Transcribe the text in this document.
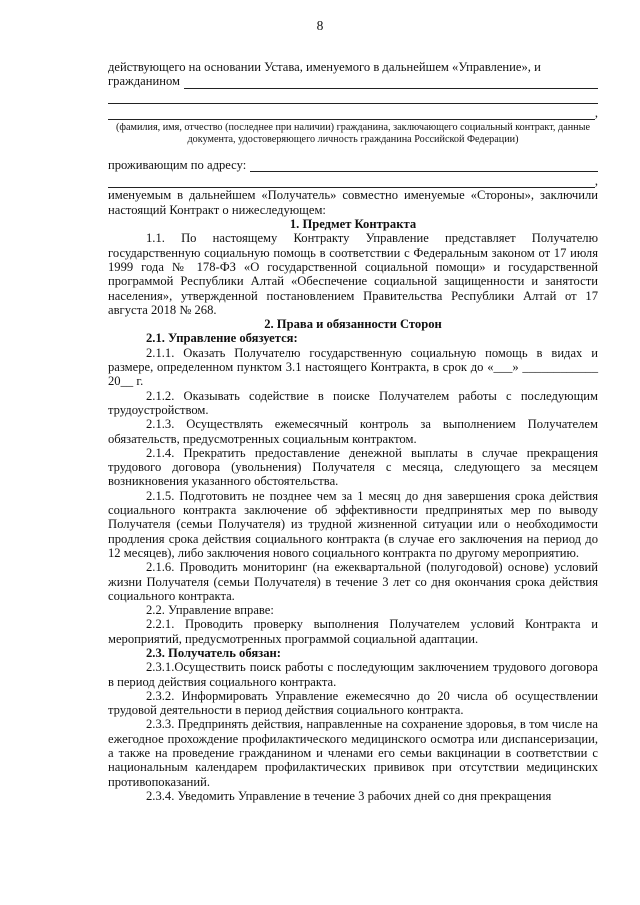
8

действующего на основании Устава, именуемого в дальнейшем «Управление», и

гражданином
,
(фамилия, имя, отчество (последнее при наличии) гражданина, заключающего социальный контракт, данные документа, удостоверяющего личность гражданина Российской Федерации)
проживающим по адресу:
,

именуемым в дальнейшем «Получатель» совместно именуемые «Стороны», заключили настоящий Контракт о нижеследующем:

1. Предмет Контракта

1.1. По настоящему Контракту Управление представляет Получателю государственную социальную помощь в соответствии с Федеральным законом от 17 июля 1999 года № 178-ФЗ «О государственной социальной помощи» и государственной программой Республики Алтай «Обеспечение социальной защищенности и занятости населения», утвержденной постановлением Правительства Республики Алтай от 17 августа 2018 № 268.

2. Права и обязанности Сторон

2.1. Управление обязуется:

2.1.1. Оказать Получателю государственную социальную помощь в видах и размере, определенном пунктом 3.1 настоящего Контракта, в срок до «___» ____________ 20__ г.

2.1.2. Оказывать содействие в поиске Получателем работы с последующим трудоустройством.

2.1.3. Осуществлять ежемесячный контроль за выполнением Получателем обязательств, предусмотренных социальным контрактом.

2.1.4. Прекратить предоставление денежной выплаты в случае прекращения трудового договора (увольнения) Получателя с месяца, следующего за месяцем возникновения указанного обстоятельства.

2.1.5. Подготовить не позднее чем за 1 месяц до дня завершения срока действия социального контракта заключение об эффективности предпринятых мер по выводу Получателя (семьи Получателя) из трудной жизненной ситуации или о необходимости продления срока действия социального контракта (в случае его заключения на период до 12 месяцев), либо заключения нового социального контракта по другому мероприятию.

2.1.6. Проводить мониторинг (на ежеквартальной (полугодовой) основе) условий жизни Получателя (семьи Получателя) в течение 3 лет со дня окончания срока действия социального контракта.

2.2. Управление вправе:

2.2.1. Проводить проверку выполнения Получателем условий Контракта и мероприятий, предусмотренных программой социальной адаптации.

2.3. Получатель обязан:

2.3.1.Осуществить поиск работы с последующим заключением трудового договора в период действия социального контракта.

2.3.2. Информировать Управление ежемесячно до 20 числа об осуществлении трудовой деятельности в период действия социального контракта.

2.3.3. Предпринять действия, направленные на сохранение здоровья, в том числе на ежегодное прохождение профилактического медицинского осмотра или диспансеризации, а также на проведение гражданином и членами его семьи вакцинации в соответствии с национальным календарем профилактических прививок при отсутствии медицинских противопоказаний.

2.3.4. Уведомить Управление в течение 3 рабочих дней со дня прекращения
